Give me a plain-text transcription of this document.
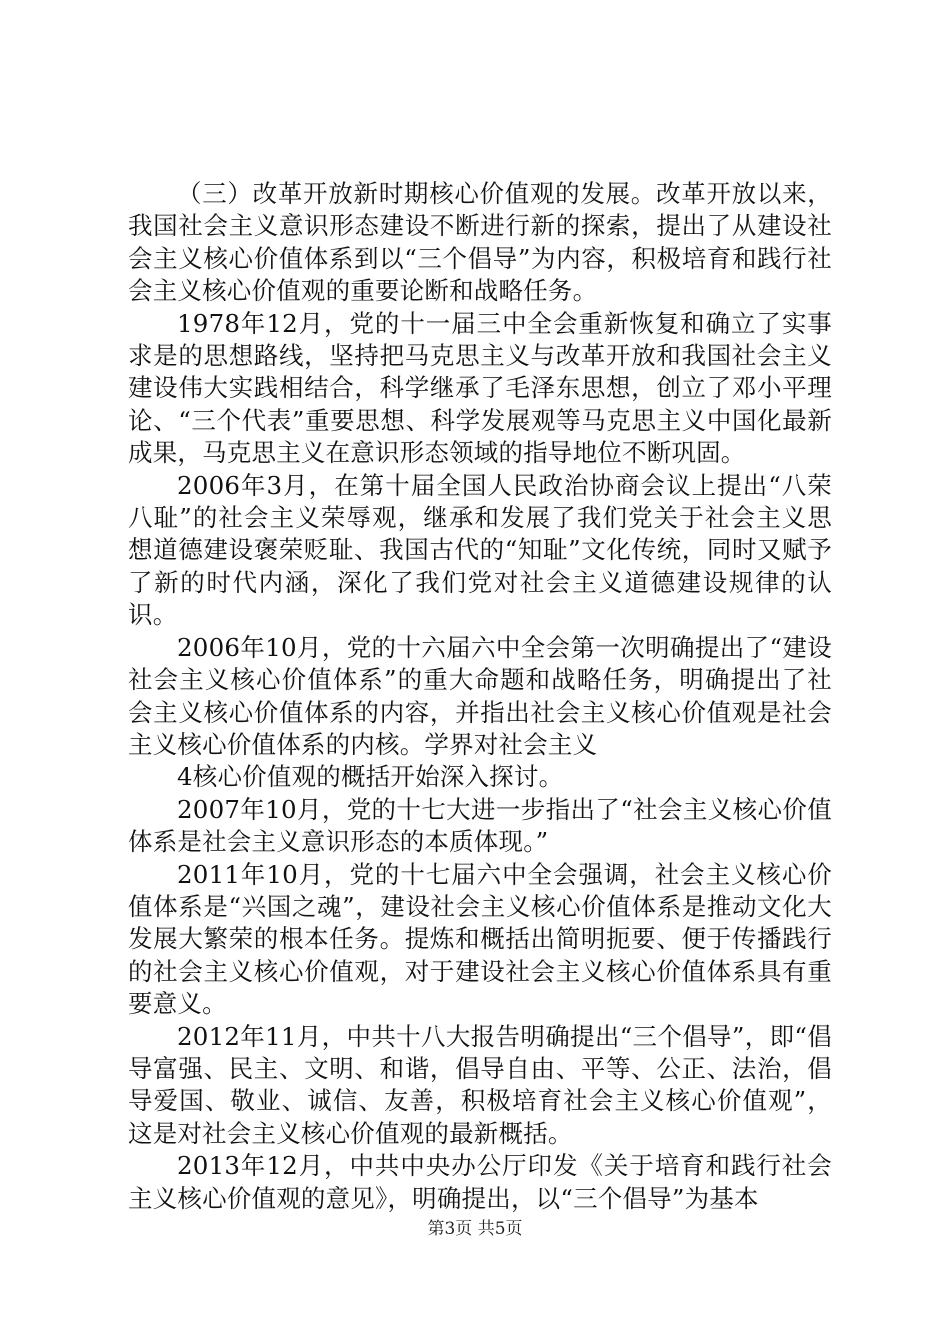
（三）改革开放新时期核心价值观的发展。改革开放以来，我国社会主义意识形态建设不断进行新的探索，提出了从建设社会主义核心价值体系到以“三个倡导”为内容，积极培育和践行社会主义核心价值观的重要论断和战略任务。

1978年12月，党的十一届三中全会重新恢复和确立了实事求是的思想路线，坚持把马克思主义与改革开放和我国社会主义建设伟大实践相结合，科学继承了毛泽东思想，创立了邓小平理论、“三个代表”重要思想、科学发展观等马克思主义中国化最新成果，马克思主义在意识形态领域的指导地位不断巩固。

2006年3月，在第十届全国人民政治协商会议上提出“八荣八耻”的社会主义荣辱观，继承和发展了我们党关于社会主义思想道德建设褒荣贬耻、我国古代的“知耻”文化传统，同时又赋予了新的时代内涵，深化了我们党对社会主义道德建设规律的认识。

2006年10月，党的十六届六中全会第一次明确提出了“建设社会主义核心价值体系”的重大命题和战略任务，明确提出了社会主义核心价值体系的内容，并指出社会主义核心价值观是社会主义核心价值体系的内核。学界对社会主义

4核心价值观的概括开始深入探讨。

2007年10月，党的十七大进一步指出了“社会主义核心价值体系是社会主义意识形态的本质体现。”

2011年10月，党的十七届六中全会强调，社会主义核心价值体系是“兴国之魂”，建设社会主义核心价值体系是推动文化大发展大繁荣的根本任务。提炼和概括出简明扼要、便于传播践行的社会主义核心价值观，对于建设社会主义核心价值体系具有重要意义。

2012年11月，中共十八大报告明确提出“三个倡导”，即“倡导富强、民主、文明、和谐，倡导自由、平等、公正、法治，倡导爱国、敬业、诚信、友善，积极培育社会主义核心价值观”，这是对社会主义核心价值观的最新概括。

2013年12月，中共中央办公厅印发《关于培育和践行社会主义核心价值观的意见》，明确提出，以“三个倡导”为基本

第3页 共5页
